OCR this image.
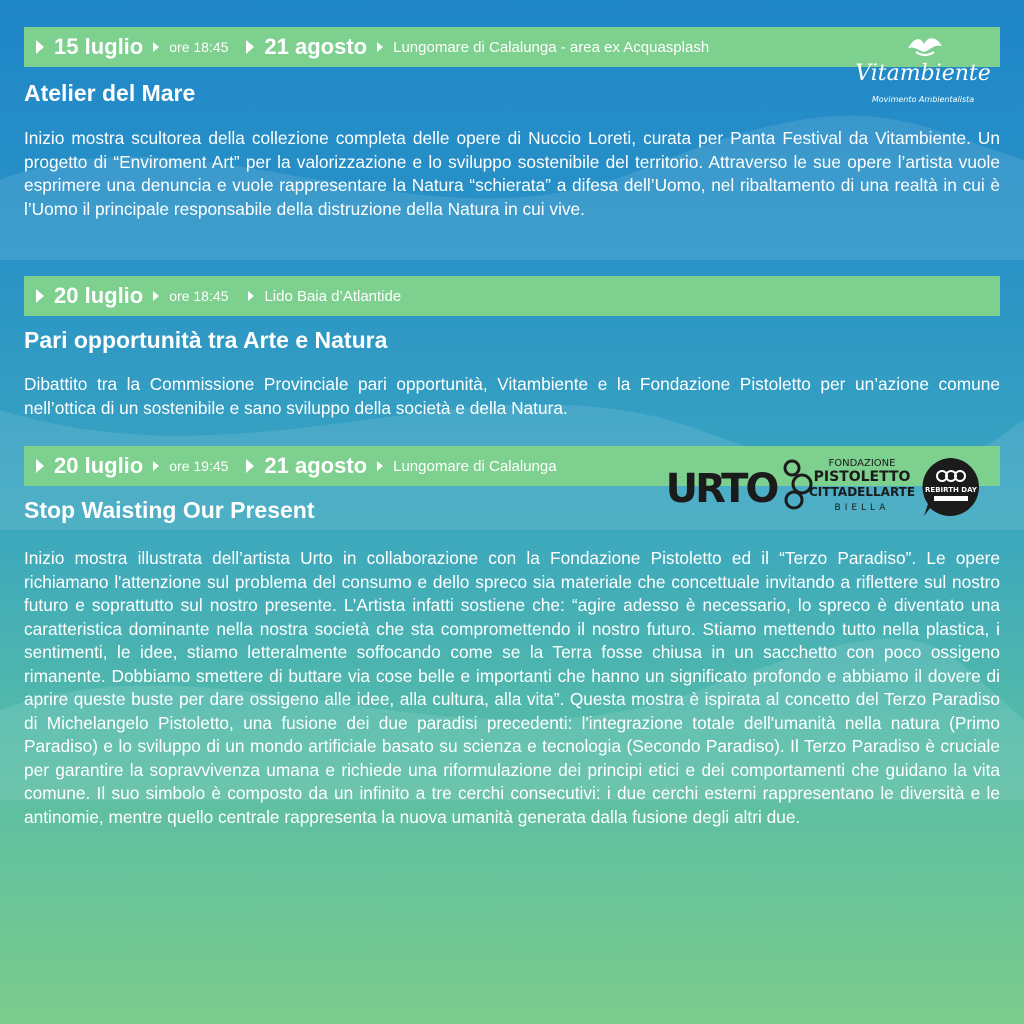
15 luglio ore 18:45 21 agosto Lungomare di Calalunga - area ex Acquasplash
Atelier del Mare

Inizio mostra scultorea della collezione completa delle opere di Nuccio Loreti, curata per Panta Festival da Vitambiente. Un progetto di “Enviroment Art” per la valorizzazione e lo sviluppo sostenibile del territorio. Attraverso le sue opere l’artista vuole esprimere una denuncia e vuole rappresentare la Natura “schierata” a difesa dell’Uomo, nel ribaltamento di una realtà in cui è l’Uomo il principale responsabile della distruzione della Natura in cui vive.

20 luglio ore 18:45 Lido Baia d’Atlantide
Pari opportunità tra Arte e Natura

Dibattito tra la Commissione Provinciale pari opportunità, Vitambiente e la Fondazione Pistoletto per un’azione comune nell’ottica di un sostenibile e sano sviluppo della società e della Natura.

20 luglio ore 19:45 21 agosto Lungomare di Calalunga
Stop Waisting Our Present

Inizio mostra illustrata dell’artista Urto in collaborazione con la Fondazione Pistoletto ed il “Terzo Paradiso”. Le opere richiamano l'attenzione sul problema del consumo e dello spreco sia materiale che concettuale invitando a riflettere sul nostro futuro e soprattutto sul nostro presente. L’Artista infatti sostiene che: “agire adesso è necessario, lo spreco è diventato una caratteristica dominante nella nostra società che sta compromettendo il nostro futuro. Stiamo mettendo tutto nella plastica, i sentimenti, le idee, stiamo letteralmente soffocando come se la Terra fosse chiusa in un sacchetto con poco ossigeno rimanente. Dobbiamo smettere di buttare via cose belle e importanti che hanno un significato profondo e abbiamo il dovere di aprire queste buste per dare ossigeno alle idee, alla cultura, alla vita”. Questa mostra è ispirata al concetto del Terzo Paradiso di Michelangelo Pistoletto, una fusione dei due paradisi precedenti: l'integrazione totale dell'umanità nella natura (Primo Paradiso) e lo sviluppo di un mondo artificiale basato su scienza e tecnologia (Secondo Paradiso). Il Terzo Paradiso è cruciale per garantire la sopravvivenza umana e richiede una riformulazione dei principi etici e dei comportamenti che guidano la vita comune. Il suo simbolo è composto da un infinito a tre cerchi consecutivi: i due cerchi esterni rappresentano le diversità e le antinomie, mentre quello centrale rappresenta la nuova umanità generata dalla fusione degli altri due.

Vitambiente
Movimento Ambientalista
URTO
FONDAZIONE
PISTOLETTO
CITTADELLARTE
BIELLA
REBIRTH DAY
